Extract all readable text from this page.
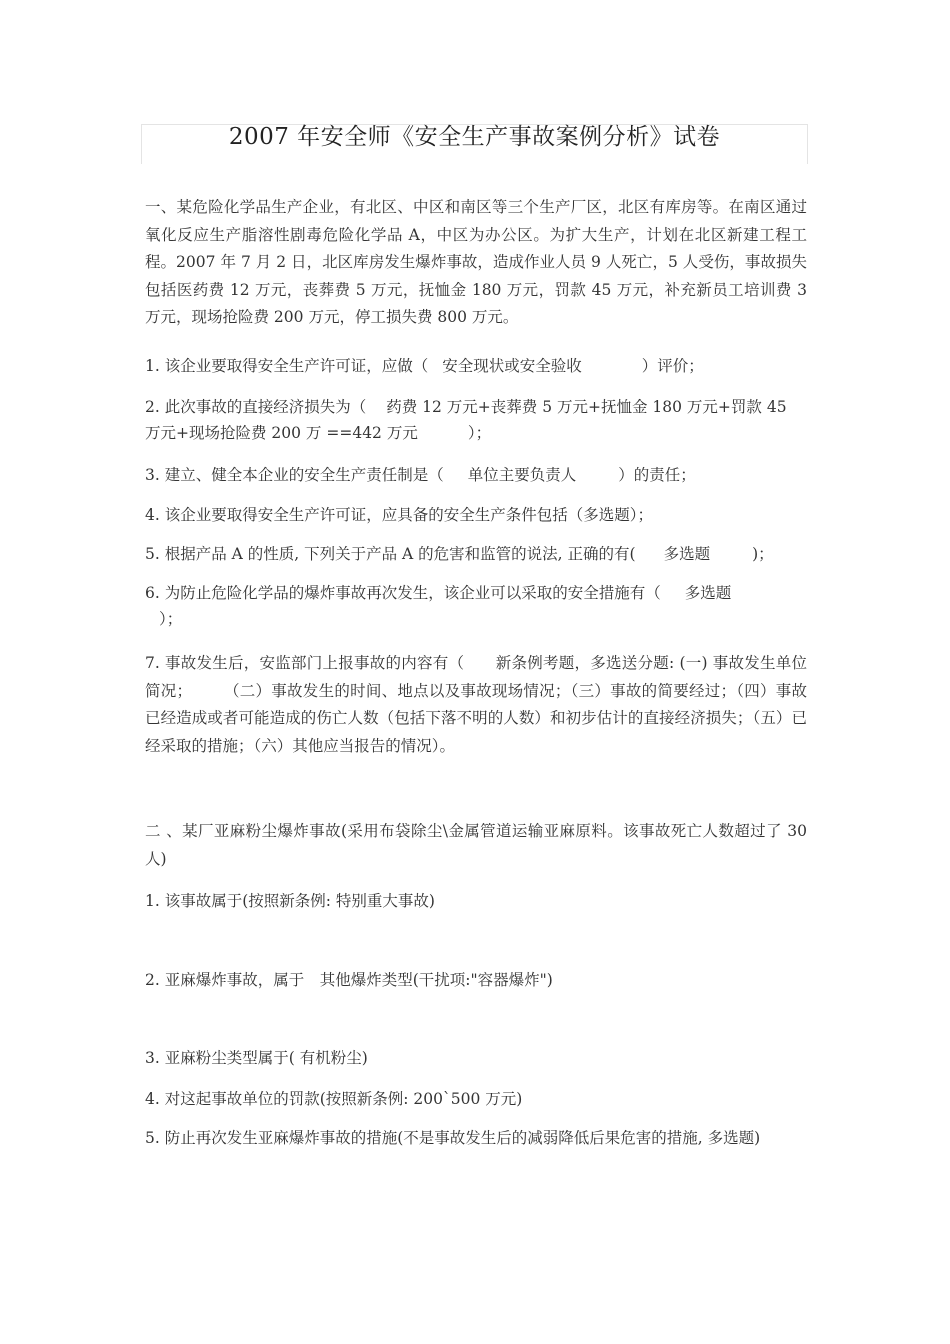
2007 年安全师《安全生产事故案例分析》试卷
一、某危险化学品生产企业，有北区、中区和南区等三个生产厂区，北区有库房等。在南区通过氧化反应生产脂溶性剧毒危险化学品 A，中区为办公区。为扩大生产，计划在北区新建工程工程。2007 年 7 月 2 日，北区库房发生爆炸事故，造成作业人员 9 人死亡，5 人受伤，事故损失包括医药费 12 万元，丧葬费 5 万元，抚恤金 180 万元，罚款 45 万元，补充新员工培训费 3 万元，现场抢险费 200 万元，停工损失费 800 万元。
1. 该企业要取得安全生产许可证，应做（ 安全现状或安全验收	）评价；
2. 此次事故的直接经济损失为（ 药费 12 万元+丧葬费 5 万元+抚恤金 180 万元+罚款 45
万元+现场抢险费 200 万 ==442 万元	）；
3. 建立、健全本企业的安全生产责任制是（ 单位主要负责人	）的责任；
4. 该企业要取得安全生产许可证，应具备的安全生产条件包括（多选题）；
5. 根据产品 A 的性质, 下列关于产品 A 的危害和监管的说法, 正确的有( 多选题	)；
6. 为防止危险化学品的爆炸事故再次发生，该企业可以采取的安全措施有（ 多选题
）；
7. 事故发生后，安监部门上报事故的内容有（　　新条例考题，多选送分题: (一) 事故发生单位简况；　　　（二）事故发生的时间、地点以及事故现场情况；（三）事故的简要经过；（四）事故已经造成或者可能造成的伤亡人数（包括下落不明的人数）和初步估计的直接经济损失；（五）已经采取的措施；（六）其他应当报告的情况）。
二 、某厂亚麻粉尘爆炸事故(采用布袋除尘\金属管道运输亚麻原料。该事故死亡人数超过了 30 人)
1. 该事故属于(按照新条例: 特别重大事故)
2. 亚麻爆炸事故，属于　其他爆炸类型(干扰项:"容器爆炸")
3. 亚麻粉尘类型属于( 有机粉尘)
4. 对这起事故单位的罚款(按照新条例: 200`500 万元)
5. 防止再次发生亚麻爆炸事故的措施(不是事故发生后的减弱降低后果危害的措施, 多选题)
